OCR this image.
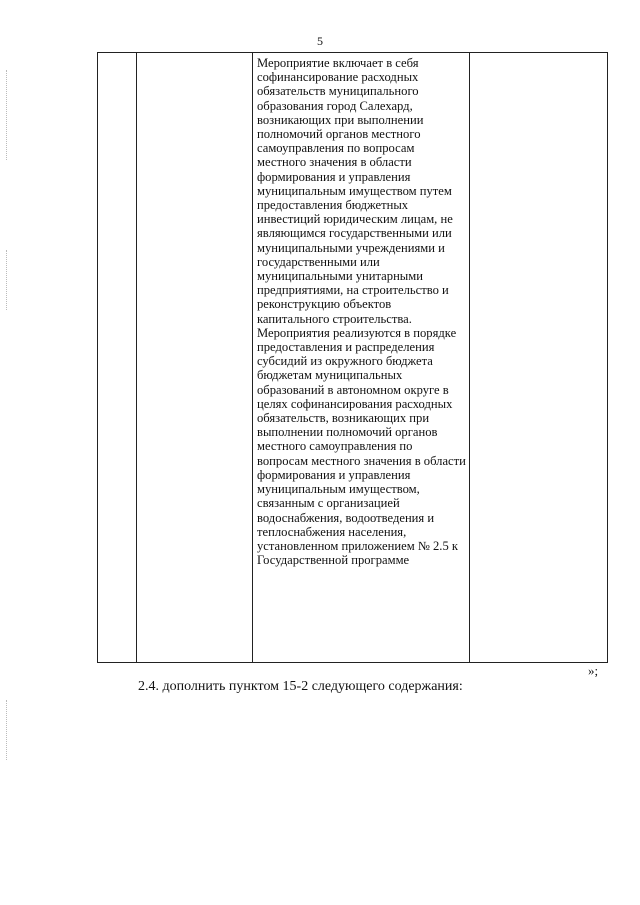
5

Мероприятие включает в себя софинансирование расходных обязательств муниципального образования город Салехард, возникающих при выполнении полномочий органов местного самоуправления по вопросам местного значения в области формирования и управления муниципальным имуществом путем предоставления бюджетных инвестиций юридическим лицам, не являющимся государственными или муниципальными учреждениями и государственными или муниципальными унитарными предприятиями, на строительство и реконструкцию объектов капитального строительства.
Мероприятия реализуются в порядке предоставления и распределения субсидий из окружного бюджета бюджетам муниципальных образований в автономном округе в целях софинансирования расходных обязательств, возникающих при выполнении полномочий органов местного самоуправления по вопросам местного значения в области формирования и управления муниципальным имуществом, связанным с организацией водоснабжения, водоотведения и теплоснабжения населения, установленном приложением № 2.5 к Государственной программе

»;
2.4. дополнить пунктом 15-2 следующего содержания:
